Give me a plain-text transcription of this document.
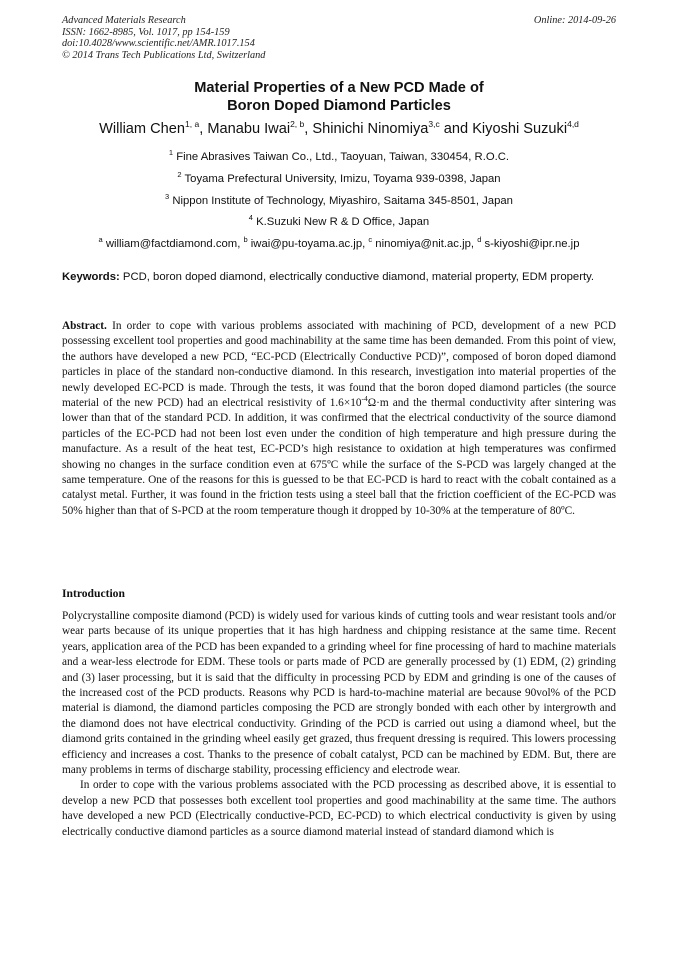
Advanced Materials Research
ISSN: 1662-8985, Vol. 1017, pp 154-159
doi:10.4028/www.scientific.net/AMR.1017.154
© 2014 Trans Tech Publications Ltd, Switzerland
Online: 2014-09-26
Material Properties of a New PCD Made of
Boron Doped Diamond Particles
William Chen$^{1, a}$, Manabu Iwai$^{2, b}$, Shinichi Ninomiya$^{3,c}$ and Kiyoshi Suzuki$^{4,d}$
$^1$ Fine Abrasives Taiwan Co., Ltd., Taoyuan, Taiwan, 330454, R.O.C.
$^2$ Toyama Prefectural University, Imizu, Toyama 939-0398, Japan
$^3$ Nippon Institute of Technology, Miyashiro, Saitama 345-8501, Japan
$^4$ K.Suzuki New R & D Office, Japan
$^a$ william@factdiamond.com, $^b$ iwai@pu-toyama.ac.jp, $^c$ ninomiya@nit.ac.jp, $^d$ s-kiyoshi@ipr.ne.jp
Keywords: PCD, boron doped diamond, electrically conductive diamond, material property, EDM property.
Abstract. In order to cope with various problems associated with machining of PCD, development of a new PCD possessing excellent tool properties and good machinability at the same time has been demanded. From this point of view, the authors have developed a new PCD, “EC-PCD (Electrically Conductive PCD)”, composed of boron doped diamond particles in place of the standard non-conductive diamond. In this research, investigation into material properties of the newly developed EC-PCD is made. Through the tests, it was found that the boron doped diamond particles (the source material of the new PCD) had an electrical resistivity of $1.6\times 10^{-4}\Omega\cdot m$ and the thermal conductivity after sintering was lower than that of the standard PCD. In addition, it was confirmed that the electrical conductivity of the source diamond particles of the EC-PCD had not been lost even under the condition of high temperature and high pressure during the manufacture. As a result of the heat test, EC-PCD’s high resistance to oxidation at high temperatures was confirmed showing no changes in the surface condition even at 675ºC while the surface of the S-PCD was largely changed at the same temperature. One of the reasons for this is guessed to be that EC-PCD is hard to react with the cobalt contained as a catalyst metal. Further, it was found in the friction tests using a steel ball that the friction coefficient of the EC-PCD was 50% higher than that of S-PCD at the room temperature though it dropped by 10-30% at the temperature of 80ºC.
Introduction

Polycrystalline composite diamond (PCD) is widely used for various kinds of cutting tools and wear resistant tools and/or wear parts because of its unique properties that it has high hardness and chipping resistance at the same time. Recent years, application area of the PCD has been expanded to a grinding wheel for fine processing of hard to machine materials and a wear-less electrode for EDM. These tools or parts made of PCD are generally processed by (1) EDM, (2) grinding and (3) laser processing, but it is said that the difficulty in processing PCD by EDM and grinding is one of the causes of the increased cost of the PCD products. Reasons why PCD is hard-to-machine material are because 90vol% of the PCD material is diamond, the diamond particles composing the PCD are strongly bonded with each other by intergrowth and the diamond does not have electrical conductivity. Grinding of the PCD is carried out using a diamond wheel, but the diamond grits contained in the grinding wheel easily get grazed, thus frequent dressing is required. This lowers processing efficiency and increases a cost. Thanks to the presence of cobalt catalyst, PCD can be machined by EDM. But, there are many problems in terms of discharge stability, processing efficiency and electrode wear.

In order to cope with the various problems associated with the PCD processing as described above, it is essential to develop a new PCD that possesses both excellent tool properties and good machinability at the same time. The authors have developed a new PCD (Electrically conductive-PCD, EC-PCD) to which electrical conductivity is given by using electrically conductive diamond particles as a source diamond material instead of standard diamond which is
